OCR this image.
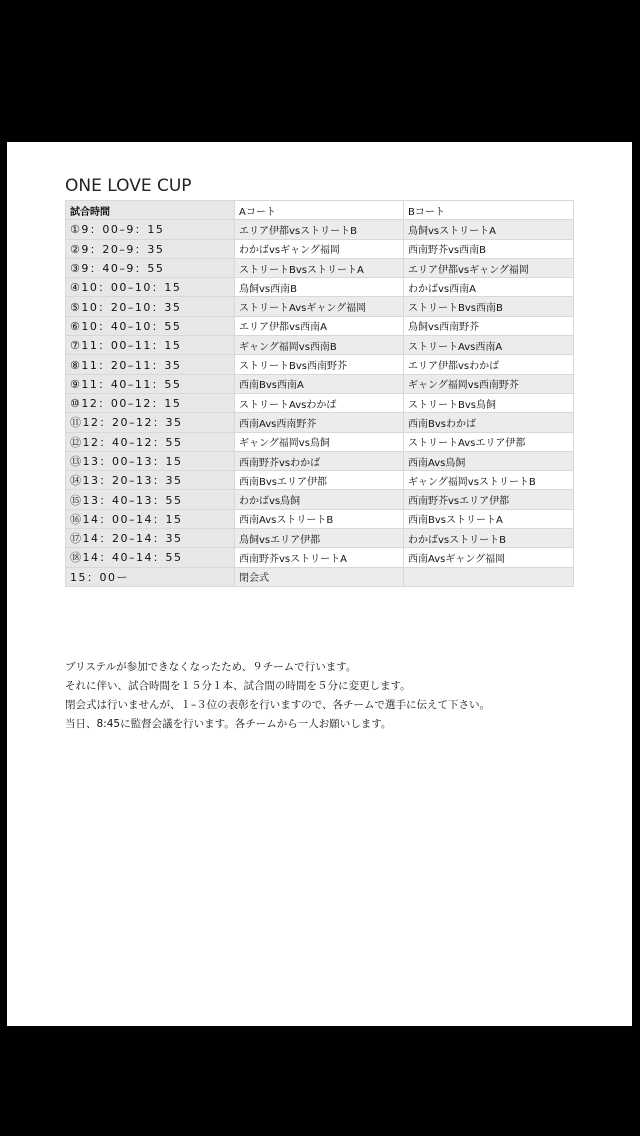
ONE LOVE CUP
試合時間	Aコート	Bコート
①9：00–9：15	エリア伊都vsストリートB	鳥飼vsストリートA
②9：20–9：35	わかばvsギャング福岡	西南野芥vs西南B
③9：40–9：55	ストリートBvsストリートA	エリア伊都vsギャング福岡
④10：00–10：15	鳥飼vs西南B	わかばvs西南A
⑤10：20–10：35	ストリートAvsギャング福岡	ストリートBvs西南B
⑥10：40–10：55	エリア伊都vs西南A	鳥飼vs西南野芥
⑦11：00–11：15	ギャング福岡vs西南B	ストリートAvs西南A
⑧11：20–11：35	ストリートBvs西南野芥	エリア伊都vsわかば
⑨11：40–11：55	西南Bvs西南A	ギャング福岡vs西南野芥
⑩12：00–12：15	ストリートAvsわかば	ストリートBvs鳥飼
⑪12：20–12：35	西南Avs西南野芥	西南Bvsわかば
⑫12：40–12：55	ギャング福岡vs鳥飼	ストリートAvsエリア伊都
⑬13：00–13：15	西南野芥vsわかば	西南Avs鳥飼
⑭13：20–13：35	西南Bvsエリア伊都	ギャング福岡vsストリートB
⑮13：40–13：55	わかばvs鳥飼	西南野芥vsエリア伊都
⑯14：00–14：15	西南AvsストリートB	西南BvsストリートA
⑰14：20–14：35	鳥飼vsエリア伊都	わかばvsストリートB
⑱14：40–14：55	西南野芥vsストリートA	西南Avsギャング福岡
15：00ー	閉会式	
ブリステルが参加できなくなったため、９チームで行います。
それに伴い、試合時間を１５分１本、試合間の時間を５分に変更します。
閉会式は行いませんが、１–３位の表彰を行いますので、各チームで選手に伝えて下さい。
当日、8:45に監督会議を行います。各チームから一人お願いします。
